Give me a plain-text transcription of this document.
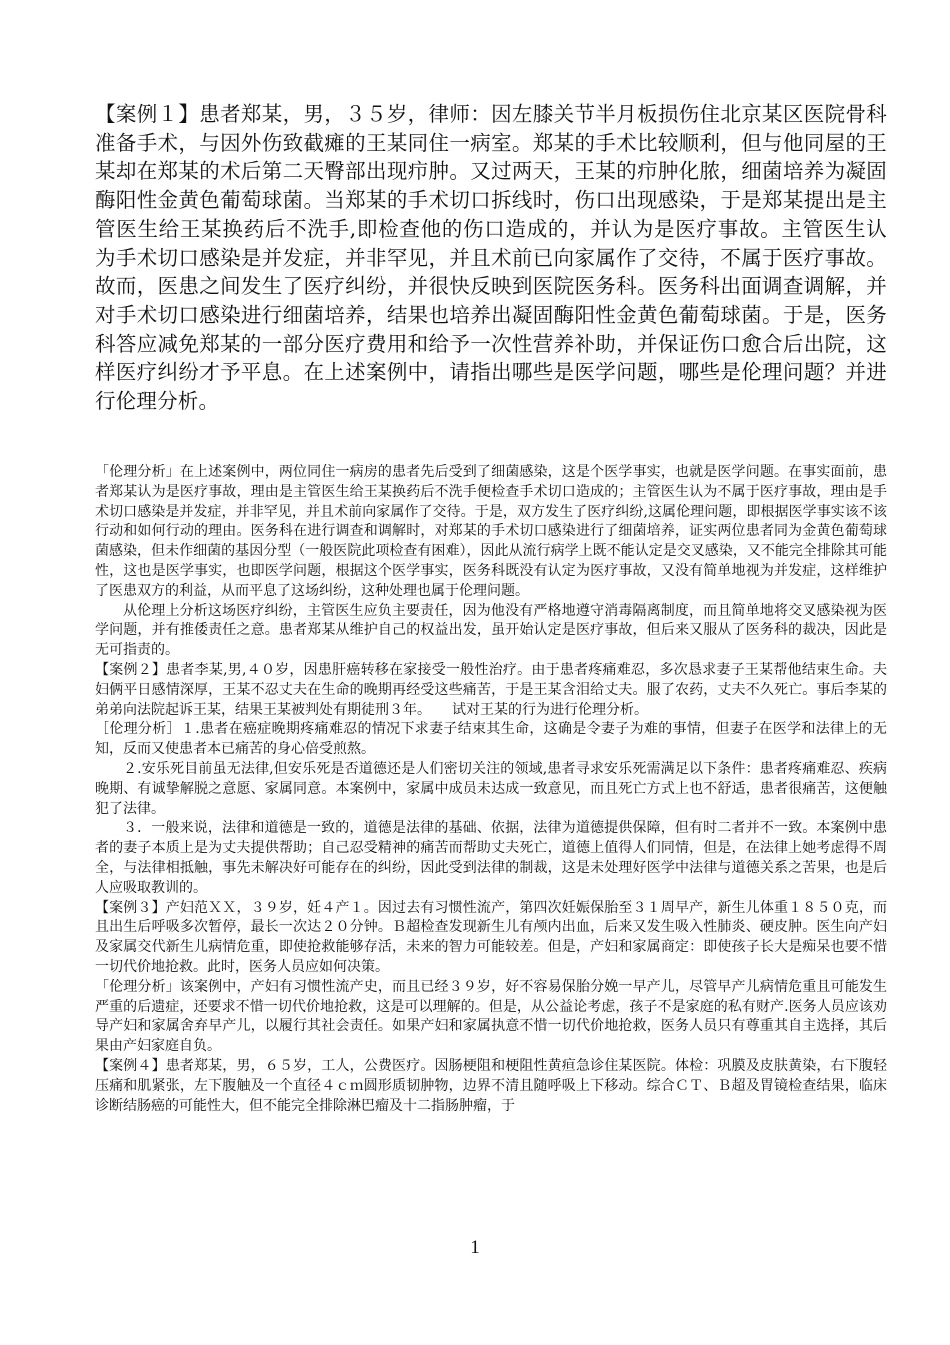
【案例１】患者郑某，男，３５岁，律师：因左膝关节半月板损伤住北京某区医院骨科准备手术，与因外伤致截瘫的王某同住一病室。郑某的手术比较顺利，但与他同屋的王某却在郑某的术后第二天臀部出现疖肿。又过两天，王某的疖肿化脓，细菌培养为凝固酶阳性金黄色葡萄球菌。当郑某的手术切口拆线时，伤口出现感染，于是郑某提出是主管医生给王某换药后不洗手,即检查他的伤口造成的，并认为是医疗事故。主管医生认为手术切口感染是并发症，并非罕见，并且术前已向家属作了交待，不属于医疗事故。故而，医患之间发生了医疗纠纷，并很快反映到医院医务科。医务科出面调查调解，并对手术切口感染进行细菌培养，结果也培养出凝固酶阳性金黄色葡萄球菌。于是，医务科答应减免郑某的一部分医疗费用和给予一次性营养补助，并保证伤口愈合后出院，这样医疗纠纷才予平息。在上述案例中，请指出哪些是医学问题，哪些是伦理问题？并进行伦理分析。

「伦理分析」在上述案例中，两位同住一病房的患者先后受到了细菌感染，这是个医学事实，也就是医学问题。在事实面前，患者郑某认为是医疗事故，理由是主管医生给王某换药后不洗手便检查手术切口造成的；主管医生认为不属于医疗事故，理由是手术切口感染是并发症，并非罕见，并且术前向家属作了交待。于是，双方发生了医疗纠纷,这属伦理问题，即根据医学事实该不该行动和如何行动的理由。医务科在进行调查和调解时，对郑某的手术切口感染进行了细菌培养，证实两位患者同为金黄色葡萄球菌感染，但未作细菌的基因分型（一般医院此项检查有困难），因此从流行病学上既不能认定是交叉感染，又不能完全排除其可能性，这也是医学事实，也即医学问题，根据这个医学事实，医务科既没有认定为医疗事故，又没有简单地视为并发症，这样维护了医患双方的利益，从而平息了这场纠纷，这种处理也属于伦理问题。

从伦理上分析这场医疗纠纷，主管医生应负主要责任，因为他没有严格地遵守消毒隔离制度，而且简单地将交叉感染视为医学问题，并有推倭责任之意。患者郑某从维护自己的权益出发，虽开始认定是医疗事故，但后来又服从了医务科的裁决，因此是无可指责的。

【案例２】患者李某,男,４０岁，因患肝癌转移在家接受一般性治疗。由于患者疼痛难忍，多次恳求妻子王某帮他结束生命。夫妇俩平日感情深厚，王某不忍丈夫在生命的晚期再经受这些痛苦，于是王某含泪给丈夫。服了农药，丈夫不久死亡。事后李某的弟弟向法院起诉王某，结果王某被判处有期徒刑３年。　　试对王某的行为进行伦理分析。

［伦理分析］１.患者在癌症晚期疼痛难忍的情况下求妻子结束其生命，这确是令妻子为难的事情，但妻子在医学和法律上的无知，反而又使患者本已痛苦的身心倍受煎熬。

２.安乐死目前虽无法律,但安乐死是否道德还是人们密切关注的领域,患者寻求安乐死需满足以下条件：患者疼痛难忍、疾病晚期、有诚挚解脱之意愿、家属同意。本案例中，家属中成员未达成一致意见，而且死亡方式上也不舒适，患者很痛苦，这便触犯了法律。

３．一般来说，法律和道德是一致的，道德是法律的基础、依据，法律为道德提供保障，但有时二者并不一致。本案例中患者的妻子本质上是为丈夫提供帮助；自己忍受精神的痛苦而帮助丈夫死亡，道德上值得人们同情，但是，在法律上她考虑得不周全，与法律相抵触，事先未解决好可能存在的纠纷，因此受到法律的制裁，这是未处理好医学中法律与道德关系之苦果，也是后人应吸取教训的。

【案例３】产妇范ＸＸ，３９岁，妊４产１。因过去有习惯性流产，第四次妊娠保胎至３１周早产，新生儿体重１８５０克，而且出生后呼吸多次暂停，最长一次达２０分钟。Ｂ超检查发现新生儿有颅内出血，后来又发生吸入性肺炎、硬皮肿。医生向产妇及家属交代新生儿病情危重，即使抢救能够存活，未来的智力可能较差。但是，产妇和家属商定：即使孩子长大是痴呆也要不惜一切代价地抢救。此时，医务人员应如何决策。

「伦理分析」该案例中，产妇有习惯性流产史，而且已经３９岁，好不容易保胎分娩一早产儿，尽管早产儿病情危重且可能发生严重的后遗症，还要求不惜一切代价地抢救，这是可以理解的。但是，从公益论考虑，孩子不是家庭的私有财产.医务人员应该劝导产妇和家属舍弃早产儿，以履行其社会责任。如果产妇和家属执意不惜一切代价地抢救，医务人员只有尊重其自主选择，其后果由产妇家庭自负。

【案例４】患者郑某，男，６５岁，工人，公费医疗。因肠梗阻和梗阻性黄疸急诊住某医院。体检：巩膜及皮肤黄染，右下腹轻压痛和肌紧张，左下腹触及一个直径４ｃｍ圆形质韧肿物，边界不清且随呼吸上下移动。综合ＣＴ、Ｂ超及胃镜检查结果，临床诊断结肠癌的可能性大，但不能完全排除淋巴瘤及十二指肠肿瘤，于

1
